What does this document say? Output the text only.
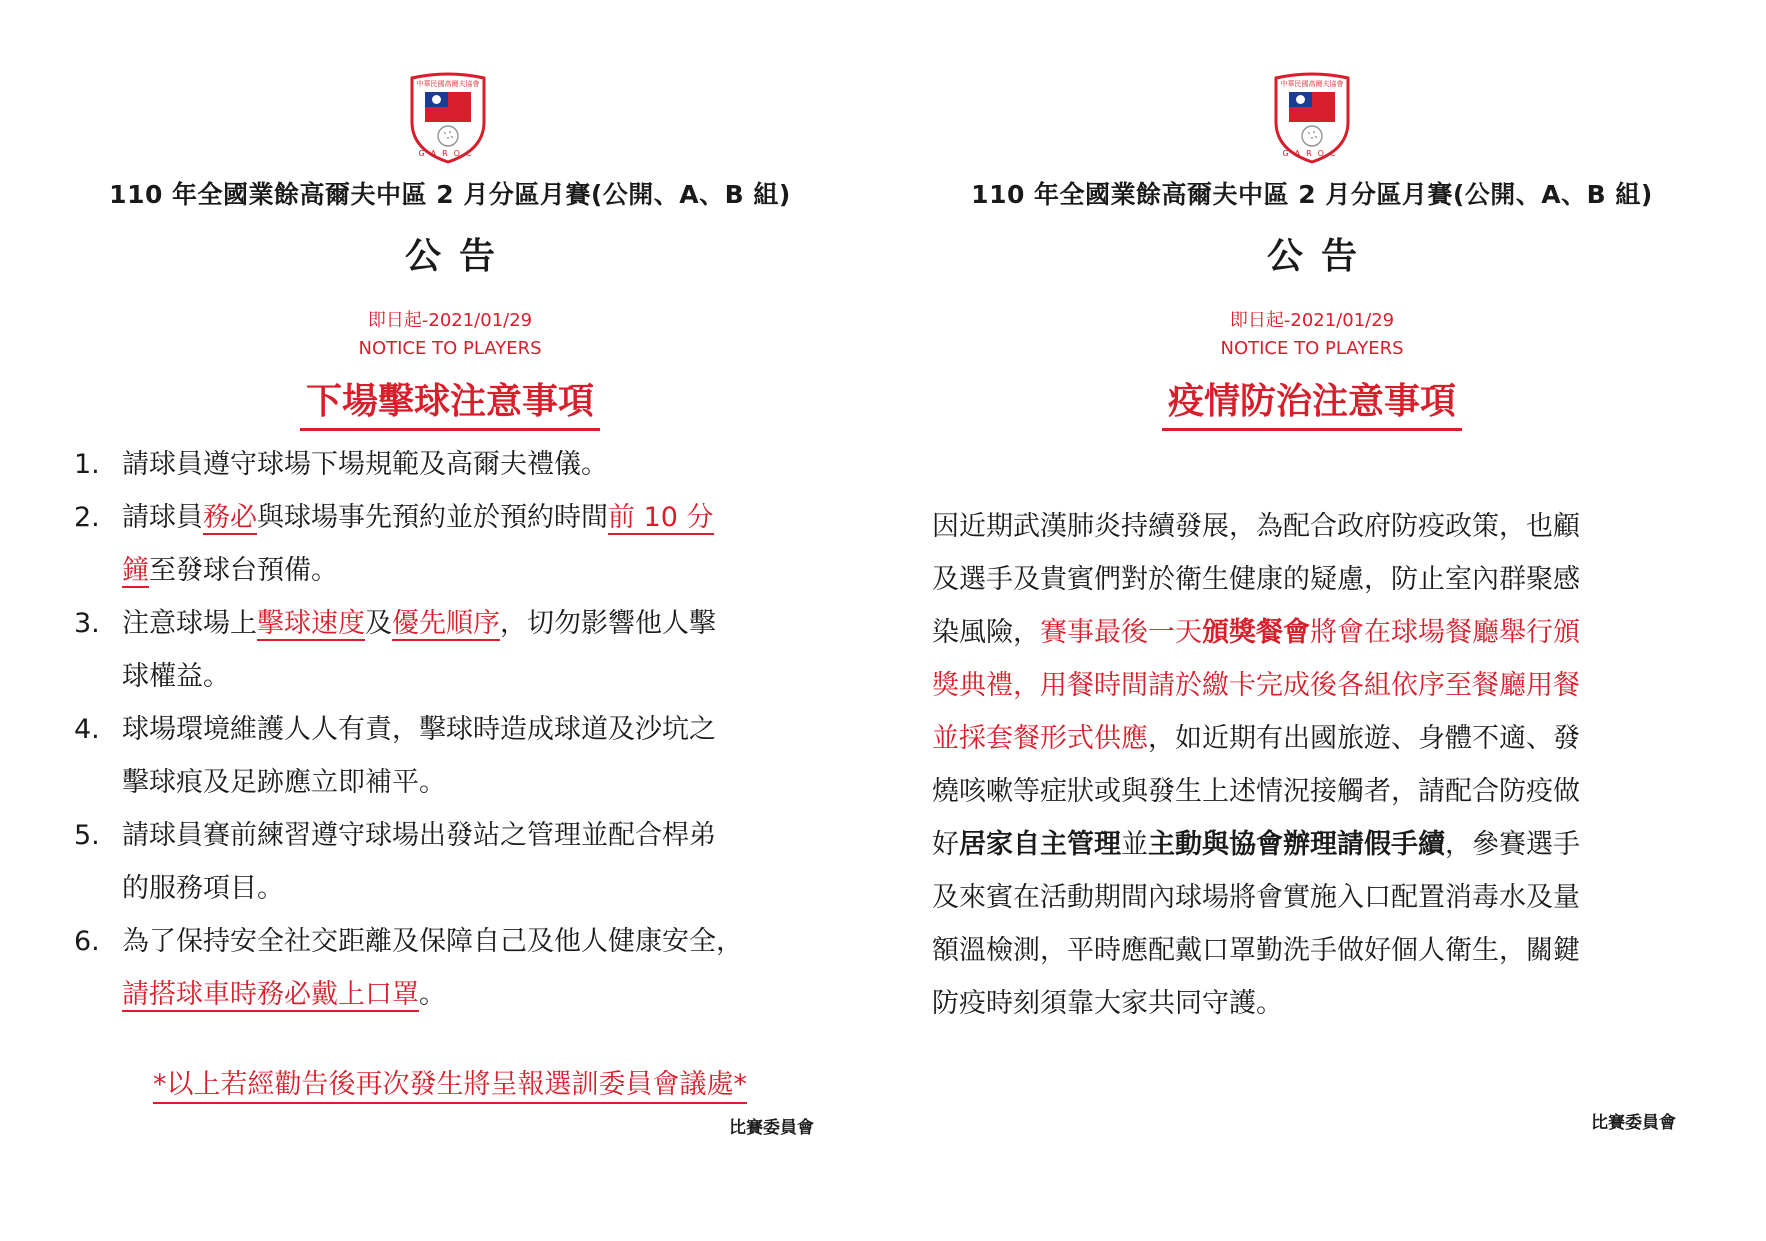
中華民國高爾夫協會
GAROC
110 年全國業餘高爾夫中區 2 月分區月賽(公開、A、B 組)
公告
即日起-2021/01/29
NOTICE TO PLAYERS
下場擊球注意事項
1. 請球員遵守球場下場規範及高爾夫禮儀。
2. 請球員務必與球場事先預約並於預約時間前 10 分
鐘至發球台預備。
3. 注意球場上擊球速度及優先順序，切勿影響他人擊
球權益。
4. 球場環境維護人人有責，擊球時造成球道及沙坑之
擊球痕及足跡應立即補平。
5. 請球員賽前練習遵守球場出發站之管理並配合桿弟
的服務項目。
6. 為了保持安全社交距離及保障自己及他人健康安全，
請搭球車時務必戴上口罩。
*以上若經勸告後再次發生將呈報選訓委員會議處*
比賽委員會
中華民國高爾夫協會
GAROC
110 年全國業餘高爾夫中區 2 月分區月賽(公開、A、B 組)
公告
即日起-2021/01/29
NOTICE TO PLAYERS
疫情防治注意事項
因近期武漢肺炎持續發展，為配合政府防疫政策，也顧
及選手及貴賓們對於衛生健康的疑慮，防止室內群聚感
染風險，賽事最後一天頒獎餐會將會在球場餐廳舉行頒
獎典禮，用餐時間請於繳卡完成後各組依序至餐廳用餐
並採套餐形式供應，如近期有出國旅遊、身體不適、發
燒咳嗽等症狀或與發生上述情況接觸者，請配合防疫做
好居家自主管理並主動與協會辦理請假手續，參賽選手
及來賓在活動期間內球場將會實施入口配置消毒水及量
額溫檢測，平時應配戴口罩勤洗手做好個人衛生，關鍵
防疫時刻須靠大家共同守護。
比賽委員會
